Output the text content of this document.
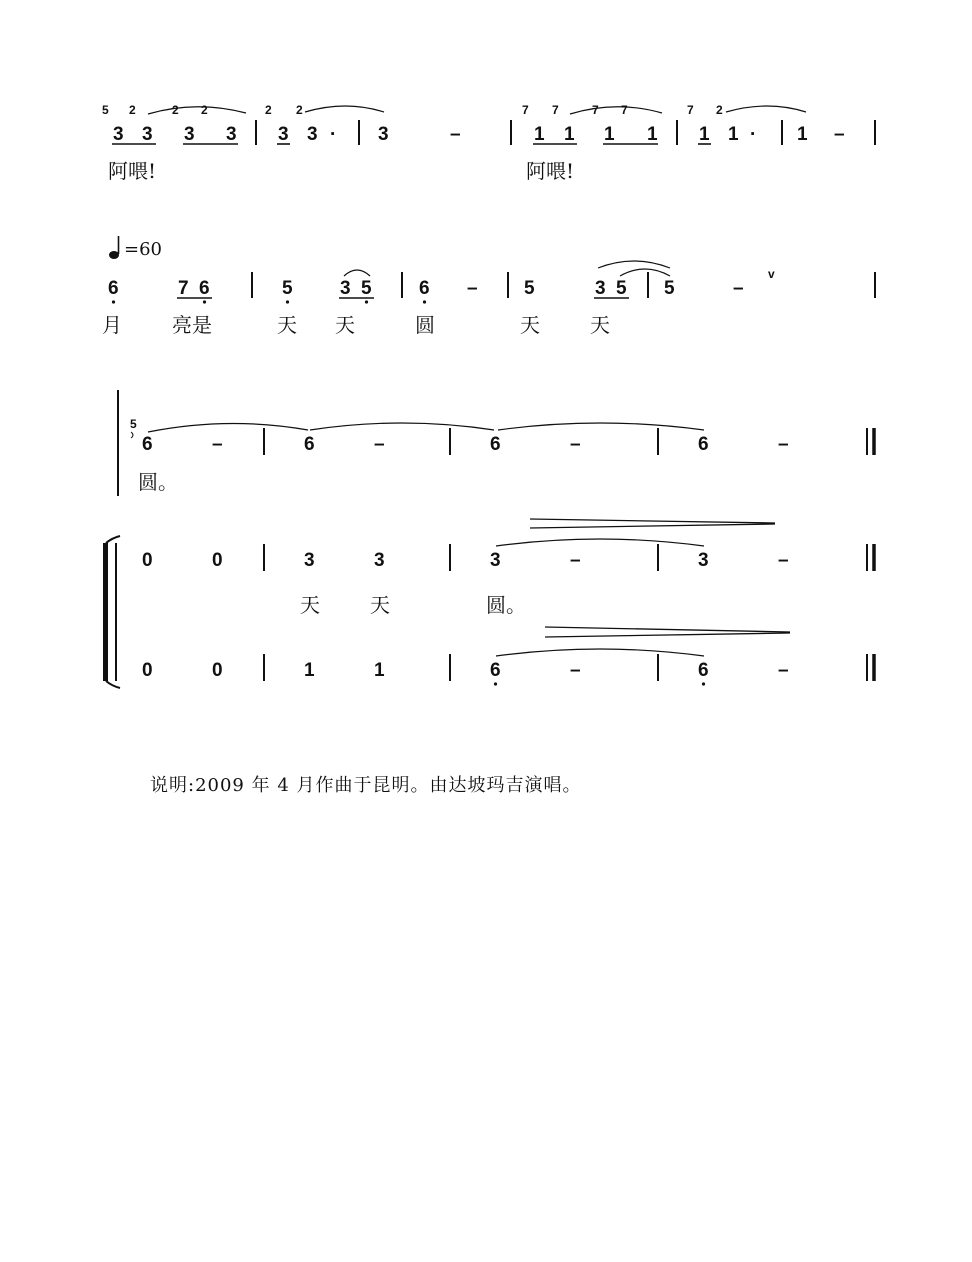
5 2	2 2	2 2	7 7	7 7	7 2
3 3 3 3 3 3 · 3	–	1 1 1 1 1 1 · 1 –
阿喂!	阿喂!
=60
6	7 6	5 3 5 6 – 5	3 5 5	–
v
月	亮是	天 天	圆	天	天
5
6	–	6	–	6	–	6	–
圆。
0	0	3	3	3	–	3	–
天	天	圆。
0	0	1	1	6	–	6	–
说明:2009 年 4 月作曲于昆明。由达坡玛吉演唱。
